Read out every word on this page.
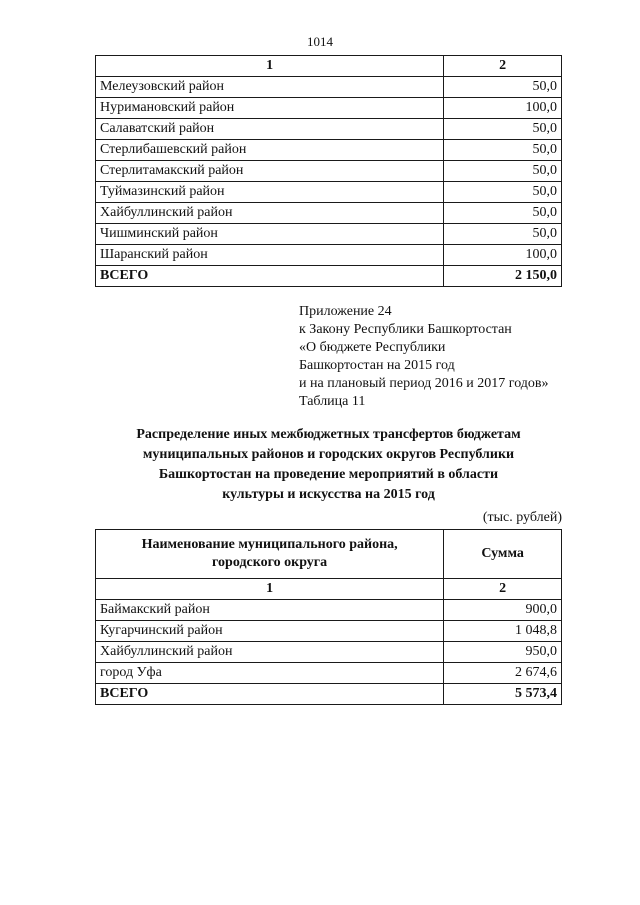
1014
1	2
Мелеузовский район	50,0
Нуримановский район	100,0
Салаватский район	50,0
Стерлибашевский район	50,0
Стерлитамакский район	50,0
Туймазинский район	50,0
Хайбуллинский район	50,0
Чишминский район	50,0
Шаранский район	100,0
ВСЕГО	2 150,0
Приложение 24
к Закону Республики Башкортостан
«О бюджете Республики
Башкортостан на 2015 год
и на плановый период 2016 и 2017 годов»
Таблица 11
Распределение иных межбюджетных трансфертов бюджетам
муниципальных районов и городских округов Республики
Башкортостан на проведение мероприятий в области
культуры и искусства на 2015 год
(тыс. рублей)
Наименование муниципального района,
городского округа	Сумма
1	2
Баймакский район	900,0
Кугарчинский район	1 048,8
Хайбуллинский район	950,0
город Уфа	2 674,6
ВСЕГО	5 573,4
